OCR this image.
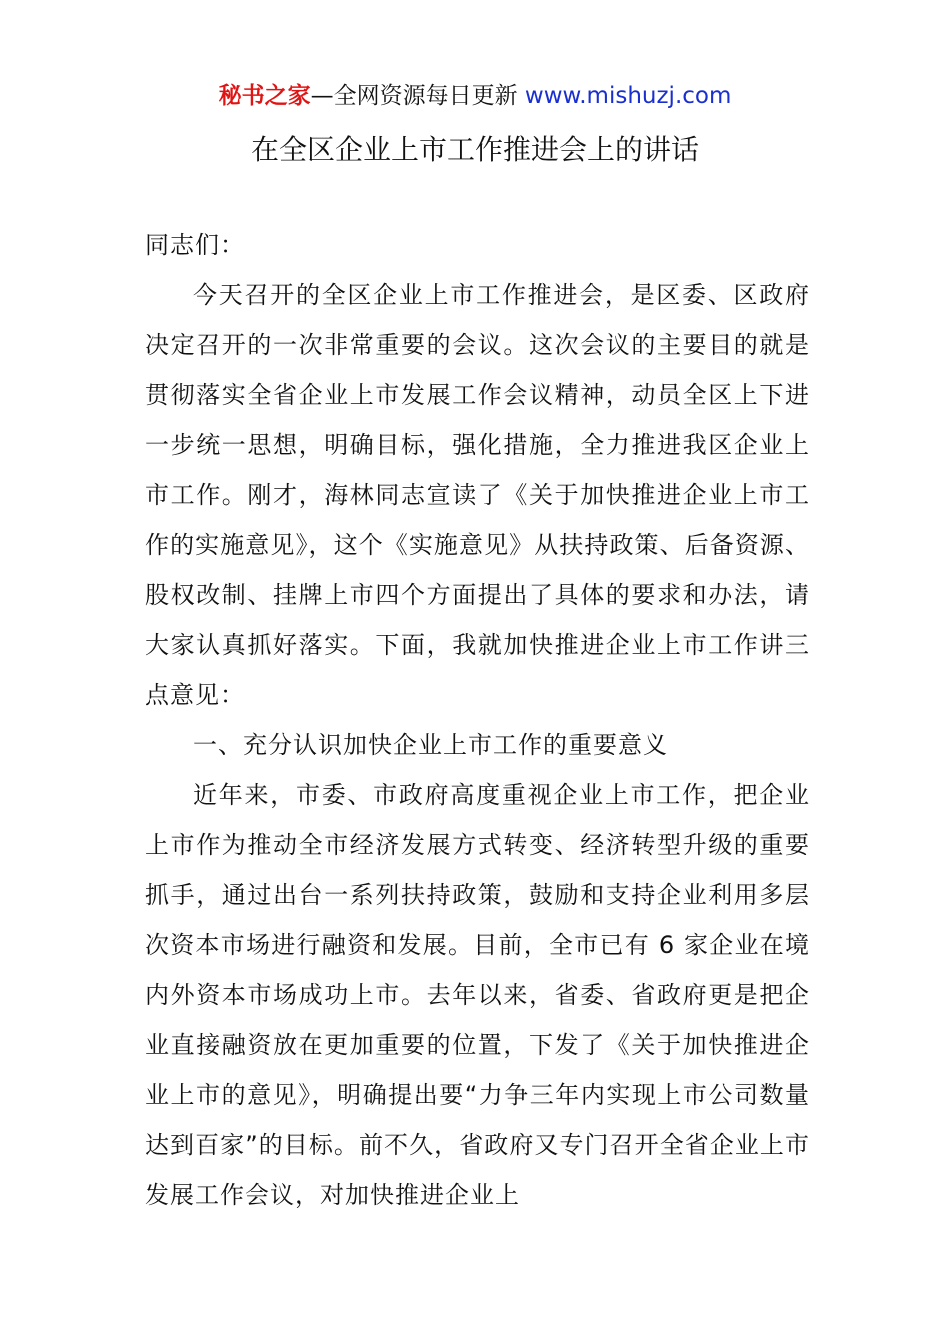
秘书之家—全网资源每日更新 www.mishuzj.com
在全区企业上市工作推进会上的讲话

同志们：

今天召开的全区企业上市工作推进会，是区委、区政府决定召开的一次非常重要的会议。这次会议的主要目的就是贯彻落实全省企业上市发展工作会议精神，动员全区上下进一步统一思想，明确目标，强化措施，全力推进我区企业上市工作。刚才，海林同志宣读了《关于加快推进企业上市工作的实施意见》，这个《实施意见》从扶持政策、后备资源、股权改制、挂牌上市四个方面提出了具体的要求和办法，请大家认真抓好落实。下面，我就加快推进企业上市工作讲三点意见：

一、充分认识加快企业上市工作的重要意义

近年来，市委、市政府高度重视企业上市工作，把企业上市作为推动全市经济发展方式转变、经济转型升级的重要抓手，通过出台一系列扶持政策，鼓励和支持企业利用多层次资本市场进行融资和发展。目前，全市已有 6 家企业在境内外资本市场成功上市。去年以来，省委、省政府更是把企业直接融资放在更加重要的位置，下发了《关于加快推进企业上市的意见》，明确提出要“力争三年内实现上市公司数量达到百家”的目标。前不久，省政府又专门召开全省企业上市发展工作会议，对加快推进企业上
